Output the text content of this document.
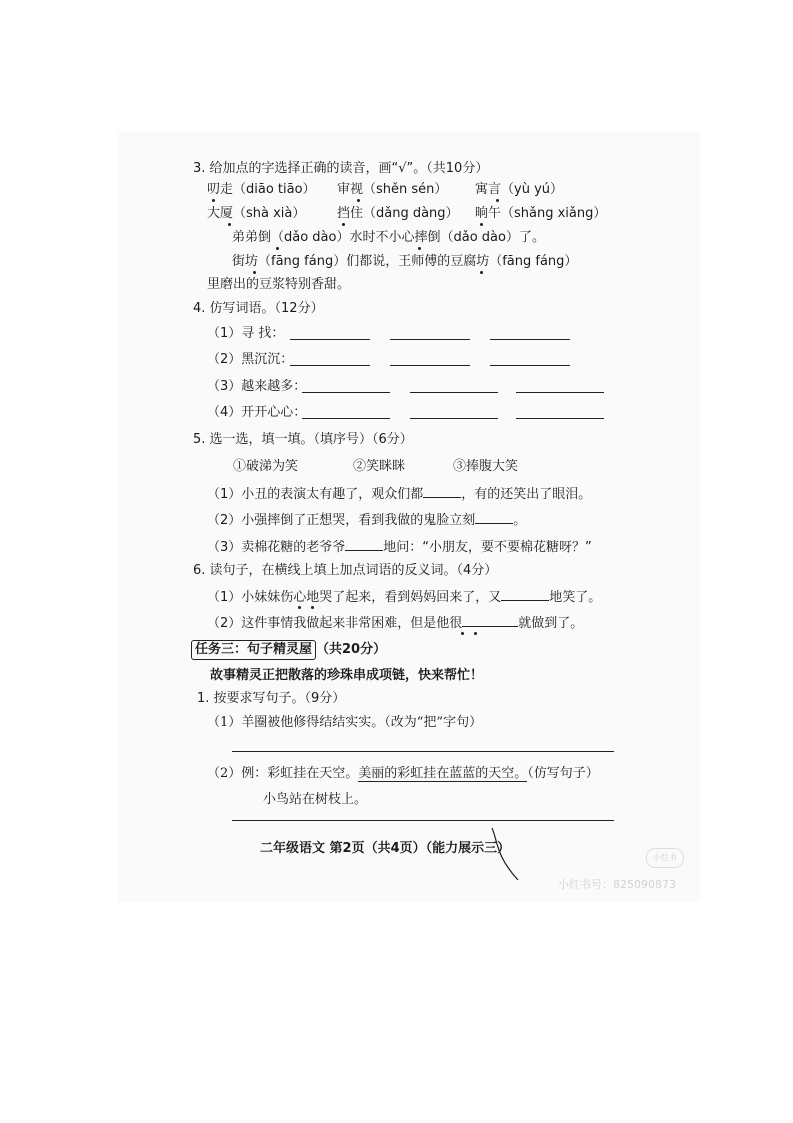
3. 给加点的字选择正确的读音，画“√”。（共10分）
叨走（diāo tiāo） 审视（shěn sén） 寓言（yù yú）
大厦（shà xià） 挡住（dǎng dàng） 晌午（shǎng xiǎng）
弟弟倒（dǎo dào）水时不小心摔倒（dǎo dào）了。
街坊（fāng fáng）们都说，王师傅的豆腐坊（fāng fáng）
里磨出的豆浆特别香甜。
4. 仿写词语。（12分）
（1）寻 找：
（2）黑沉沉：
（3）越来越多：
（4）开开心心：
5. 选一选，填一填。（填序号）（6分）
①破涕为笑	②笑眯眯	③捧腹大笑
（1）小丑的表演太有趣了，观众们都	，有的还笑出了眼泪。
（2）小强摔倒了正想哭，看到我做的鬼脸立刻	。
（3）卖棉花糖的老爷爷	地问：“小朋友，要不要棉花糖呀？”
6. 读句子，在横线上填上加点词语的反义词。（4分）
（1）小妹妹伤心地哭了起来，看到妈妈回来了，又	地笑了。
（2）这件事情我做起来非常困难，但是他很	就做到了。
任务三：句子精灵屋 （共20分）
故事精灵正把散落的珍珠串成项链，快来帮忙！
1. 按要求写句子。（9分）
（1）羊圈被他修得结结实实。（改为“把”字句）
（2）例：彩虹挂在天空。美丽的彩虹挂在蓝蓝的天空。（仿写句子）
小鸟站在树枝上。
二年级语文 第2页（共4页）（能力展示三）
小红书
小红书号：825090873
